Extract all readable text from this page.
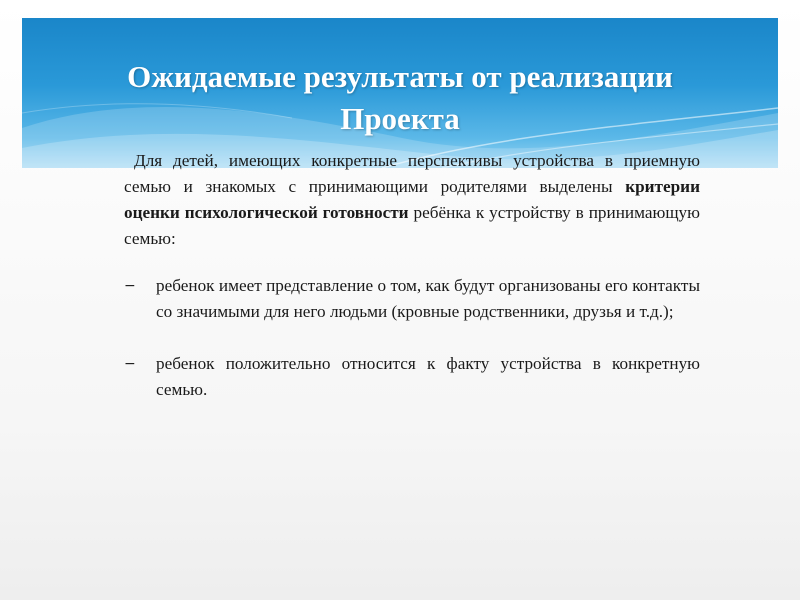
Ожидаемые результаты от реализации
Проекта

Для детей, имеющих конкретные перспективы устройства в приемную семью и знакомых с принимающими родителями выделены критерии оценки психологической готовности ребёнка к устройству в принимающую семью:

−	ребенок имеет представление о том, как будут организованы его контакты со значимыми для него людьми (кровные родственники, друзья и т.д.);
−	ребенок положительно относится к факту устройства в конкретную семью.
